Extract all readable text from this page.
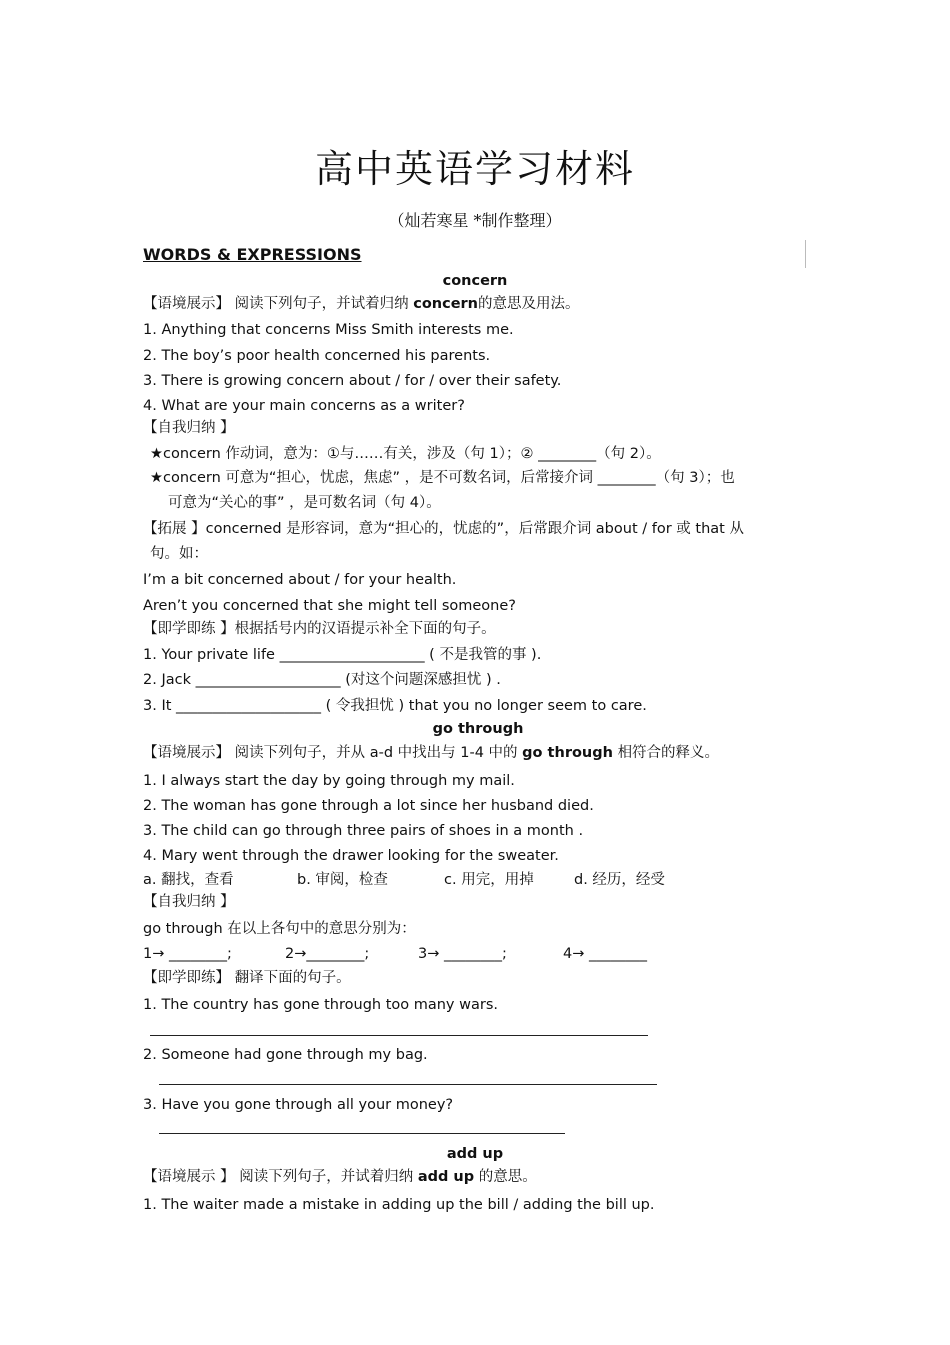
高中英语学习材料
（灿若寒星 *制作整理）
WORDS & EXPRESSIONS
concern
【语境展示】 阅读下列句子，并试着归纳 concern的意思及用法。
1. Anything that concerns Miss Smith interests me.
2. The boy’s poor health concerned his parents.
3. There is growing concern about / for / over their safety.
4. What are your main concerns as a writer?
【自我归纳 】
★concern 作动词，意为：①与……有关，涉及（句 1）；② ________（句 2）。
★concern 可意为“担心，忧虑，焦虑” ，是不可数名词，后常接介词 ________（句 3）；也
可意为“关心的事” ，是可数名词（句 4）。
【拓展 】concerned 是形容词，意为“担心的，忧虑的”，后常跟介词 about / for 或 that 从
句。如：
I’m a bit concerned about / for your health.
Aren’t you concerned that she might tell someone?
【即学即练 】根据括号内的汉语提示补全下面的句子。
1. Your private life ____________________ ( 不是我管的事 ).
2. Jack ____________________ (对这个问题深感担忧 ) .
3. It ____________________ ( 令我担忧 ) that you no longer seem to care.
go through
【语境展示】 阅读下列句子，并从 a-d 中找出与 1-4 中的 go through 相符合的释义。
1. I always start the day by going through my mail.
2. The woman has gone through a lot since her husband died.
3. The child can go through three pairs of shoes in a month .
4. Mary went through the drawer looking for the sweater.
a. 翻找，查看	b. 审阅，检查	c. 用完，用掉	d. 经历，经受
【自我归纳 】
go through 在以上各句中的意思分别为：
1→ ________;	2→________;	3→ ________;	4→ ________
【即学即练】 翻译下面的句子。
1. The country has gone through too many wars.
2. Someone had gone through my bag.
3. Have you gone through all your money?
add up
【语境展示 】 阅读下列句子，并试着归纳 add up 的意思。
1. The waiter made a mistake in adding up the bill / adding the bill up.
